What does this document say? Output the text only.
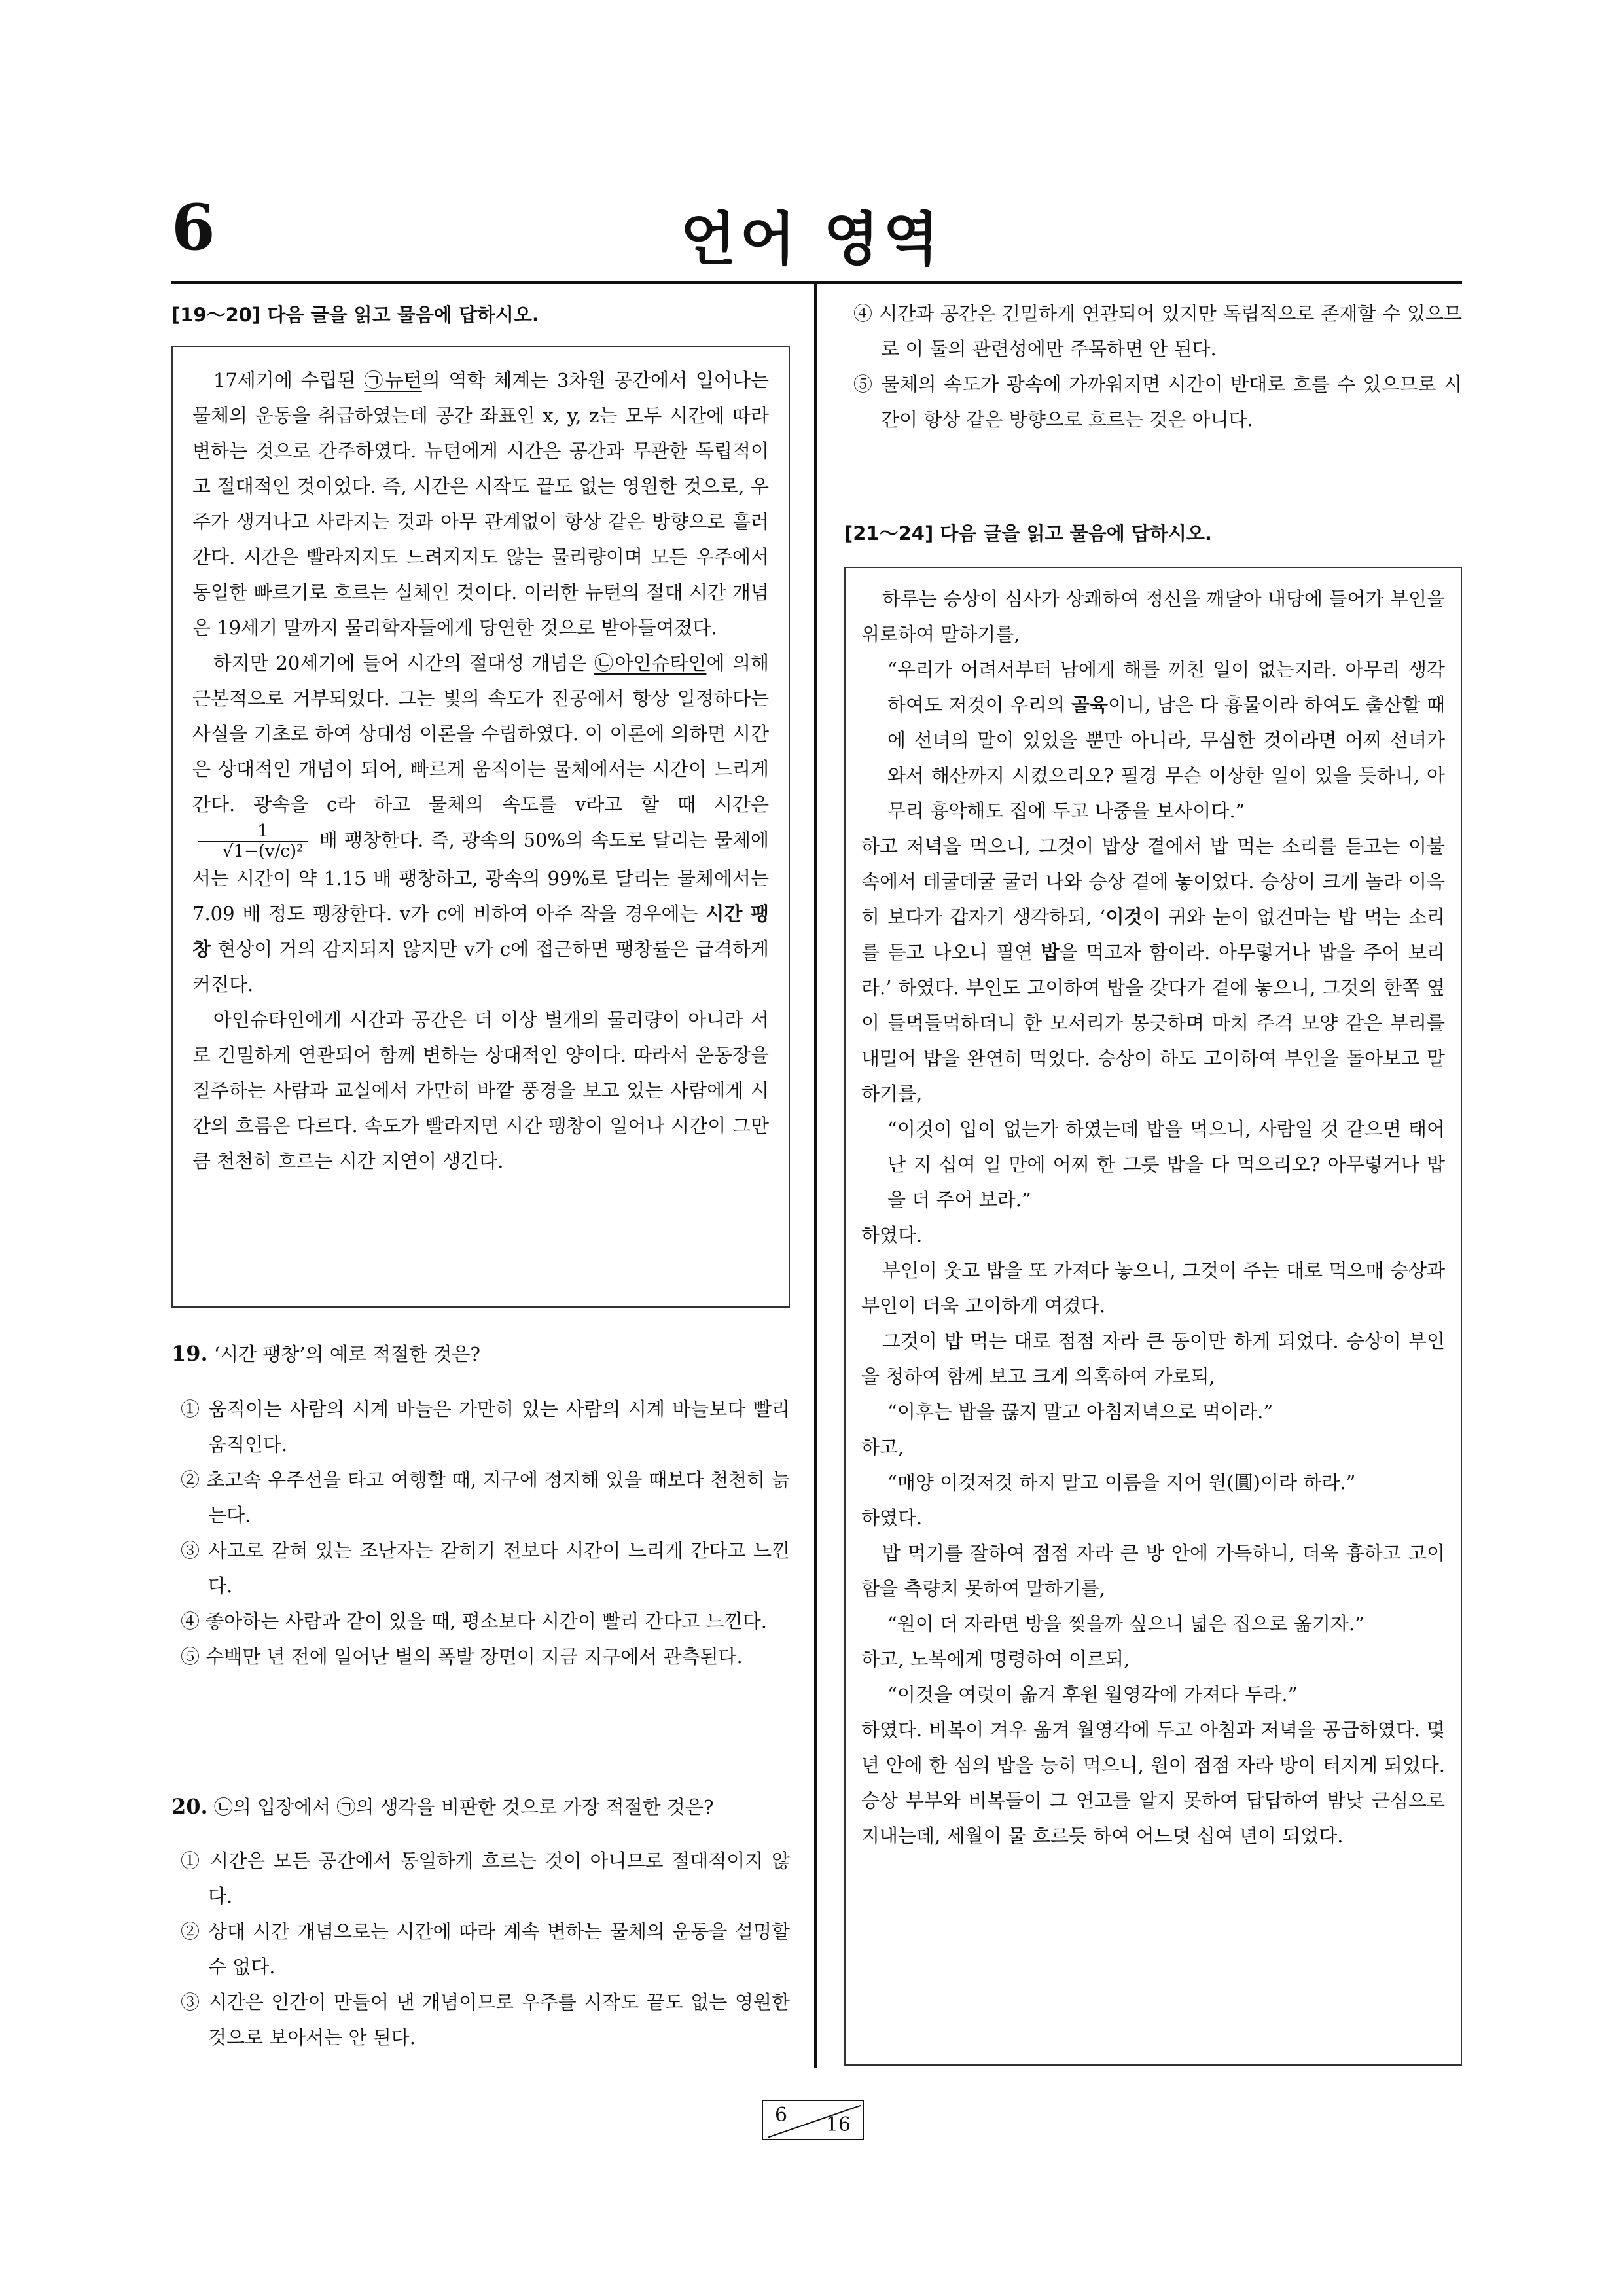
6	언어 영역
[19～20] 다음 글을 읽고 물음에 답하시오.

17세기에 수립된 ㉠뉴턴의 역학 체계는 3차원 공간에서 일어나는 물체의 운동을 취급하였는데 공간 좌표인 x, y, z는 모두 시간에 따라 변하는 것으로 간주하였다. 뉴턴에게 시간은 공간과 무관한 독립적이고 절대적인 것이었다. 즉, 시간은 시작도 끝도 없는 영원한 것으로, 우주가 생겨나고 사라지는 것과 아무 관계없이 항상 같은 방향으로 흘러간다. 시간은 빨라지지도 느려지지도 않는 물리량이며 모든 우주에서 동일한 빠르기로 흐르는 실체인 것이다. 이러한 뉴턴의 절대 시간 개념은 19세기 말까지 물리학자들에게 당연한 것으로 받아들여졌다.

하지만 20세기에 들어 시간의 절대성 개념은 ㉡아인슈타인에 의해 근본적으로 거부되었다. 그는 빛의 속도가 진공에서 항상 일정하다는 사실을 기초로 하여 상대성 이론을 수립하였다. 이 이론에 의하면 시간은 상대적인 개념이 되어, 빠르게 움직이는 물체에서는 시간이 느리게 간다. 광속을 c라 하고 물체의 속도를 v라고 할 때 시간은
$\frac{1}{\text{√1−(v/c)²}}$ 배 팽창한다. 즉, 광속의 50%의 속도로 달리는 물체에서는 시간이 약 1.15 배 팽창하고, 광속의 99%로 달리는 물체에서는 7.09 배 정도 팽창한다. v가 c에 비하여 아주 작을 경우에는 시간 팽창 현상이 거의 감지되지 않지만 v가 c에 접근하면 팽창률은 급격하게 커진다.

아인슈타인에게 시간과 공간은 더 이상 별개의 물리량이 아니라 서로 긴밀하게 연관되어 함께 변하는 상대적인 양이다. 따라서 운동장을 질주하는 사람과 교실에서 가만히 바깥 풍경을 보고 있는 사람에게 시간의 흐름은 다르다. 속도가 빨라지면 시간 팽창이 일어나 시간이 그만큼 천천히 흐르는 시간 지연이 생긴다.

19. ‘시간 팽창’의 예로 적절한 것은?
① 움직이는 사람의 시계 바늘은 가만히 있는 사람의 시계 바늘보다 빨리 움직인다.
② 초고속 우주선을 타고 여행할 때, 지구에 정지해 있을 때보다 천천히 늙는다.
③ 사고로 갇혀 있는 조난자는 갇히기 전보다 시간이 느리게 간다고 느낀다.
④ 좋아하는 사람과 같이 있을 때, 평소보다 시간이 빨리 간다고 느낀다.
⑤ 수백만 년 전에 일어난 별의 폭발 장면이 지금 지구에서 관측된다.
20. ㉡의 입장에서 ㉠의 생각을 비판한 것으로 가장 적절한 것은?
① 시간은 모든 공간에서 동일하게 흐르는 것이 아니므로 절대적이지 않다.
② 상대 시간 개념으로는 시간에 따라 계속 변하는 물체의 운동을 설명할 수 없다.
③ 시간은 인간이 만들어 낸 개념이므로 우주를 시작도 끝도 없는 영원한 것으로 보아서는 안 된다.
④ 시간과 공간은 긴밀하게 연관되어 있지만 독립적으로 존재할 수 있으므로 이 둘의 관련성에만 주목하면 안 된다.
⑤ 물체의 속도가 광속에 가까워지면 시간이 반대로 흐를 수 있으므로 시간이 항상 같은 방향으로 흐르는 것은 아니다.
[21～24] 다음 글을 읽고 물음에 답하시오.

하루는 승상이 심사가 상쾌하여 정신을 깨달아 내당에 들어가 부인을 위로하여 말하기를,

“우리가 어려서부터 남에게 해를 끼친 일이 없는지라. 아무리 생각하여도 저것이 우리의 골육이니, 남은 다 흉물이라 하여도 출산할 때에 선녀의 말이 있었을 뿐만 아니라, 무심한 것이라면 어찌 선녀가 와서 해산까지 시켰으리오? 필경 무슨 이상한 일이 있을 듯하니, 아무리 흉악해도 집에 두고 나중을 보사이다.”

하고 저녁을 먹으니, 그것이 밥상 곁에서 밥 먹는 소리를 듣고는 이불 속에서 데굴데굴 굴러 나와 승상 곁에 놓이었다. 승상이 크게 놀라 이윽히 보다가 갑자기 생각하되, ‘이것이 귀와 눈이 없건마는 밥 먹는 소리를 듣고 나오니 필연 밥을 먹고자 함이라. 아무렇거나 밥을 주어 보리라.’ 하였다. 부인도 고이하여 밥을 갖다가 곁에 놓으니, 그것의 한쪽 옆이 들먹들먹하더니 한 모서리가 봉긋하며 마치 주걱 모양 같은 부리를 내밀어 밥을 완연히 먹었다. 승상이 하도 고이하여 부인을 돌아보고 말하기를,

“이것이 입이 없는가 하였는데 밥을 먹으니, 사람일 것 같으면 태어난 지 십여 일 만에 어찌 한 그릇 밥을 다 먹으리오? 아무렇거나 밥을 더 주어 보라.”

하였다.

부인이 웃고 밥을 또 가져다 놓으니, 그것이 주는 대로 먹으매 승상과 부인이 더욱 고이하게 여겼다.

그것이 밥 먹는 대로 점점 자라 큰 동이만 하게 되었다. 승상이 부인을 청하여 함께 보고 크게 의혹하여 가로되,

“이후는 밥을 끊지 말고 아침저녁으로 먹이라.”

하고,

“매양 이것저것 하지 말고 이름을 지어 원(圓)이라 하라.”

하였다.

밥 먹기를 잘하여 점점 자라 큰 방 안에 가득하니, 더욱 흉하고 고이함을 측량치 못하여 말하기를,

“원이 더 자라면 방을 찢을까 싶으니 넓은 집으로 옮기자.”

하고, 노복에게 명령하여 이르되,

“이것을 여럿이 옮겨 후원 월영각에 가져다 두라.”

하였다. 비복이 겨우 옮겨 월영각에 두고 아침과 저녁을 공급하였다. 몇 년 안에 한 섬의 밥을 능히 먹으니, 원이 점점 자라 방이 터지게 되었다. 승상 부부와 비복들이 그 연고를 알지 못하여 답답하여 밤낮 근심으로 지내는데, 세월이 물 흐르듯 하여 어느덧 십여 년이 되었다.

6 16
